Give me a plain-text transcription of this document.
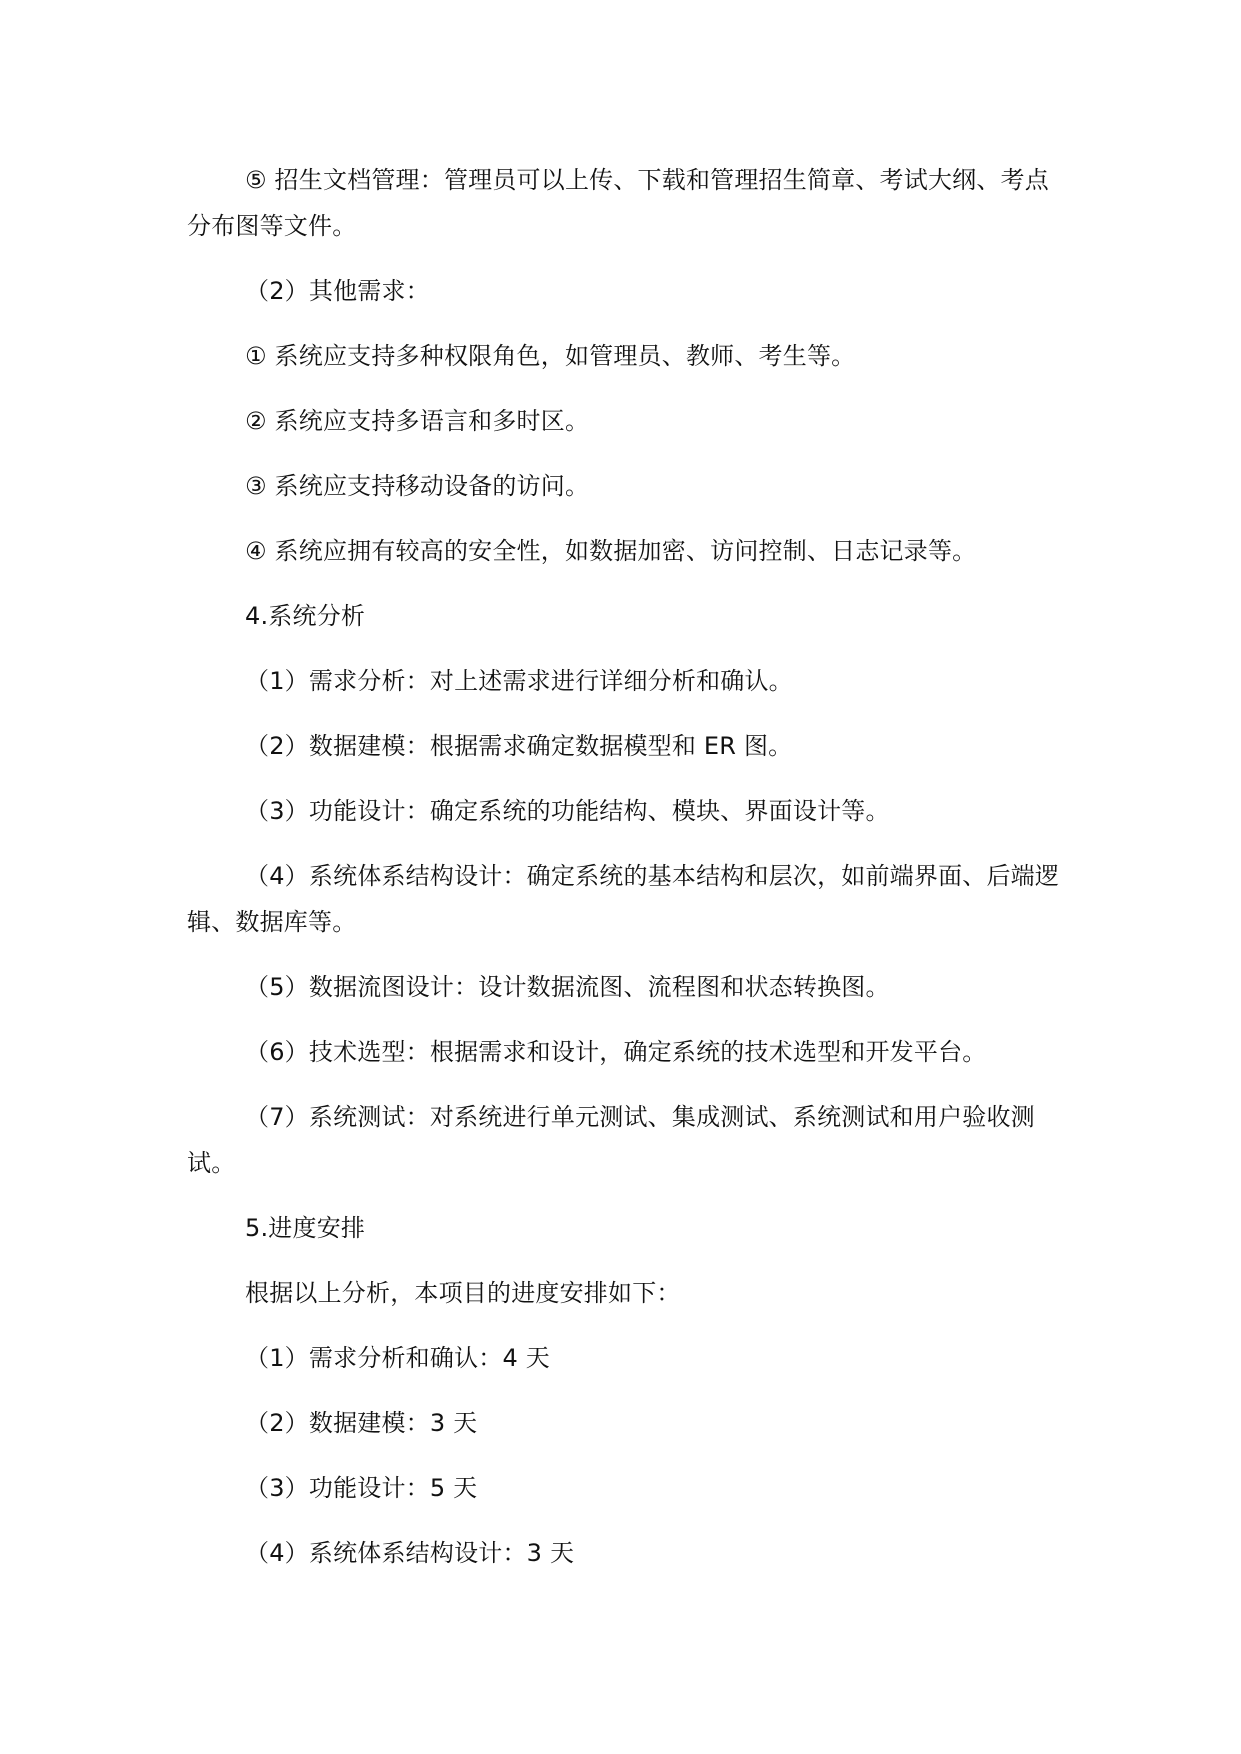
⑤ 招生文档管理：管理员可以上传、下载和管理招生简章、考试大纲、考点分布图等文件。

（2）其他需求：

① 系统应支持多种权限角色，如管理员、教师、考生等。

② 系统应支持多语言和多时区。

③ 系统应支持移动设备的访问。

④ 系统应拥有较高的安全性，如数据加密、访问控制、日志记录等。

4.系统分析

（1）需求分析：对上述需求进行详细分析和确认。

（2）数据建模：根据需求确定数据模型和 ER 图。

（3）功能设计：确定系统的功能结构、模块、界面设计等。

（4）系统体系结构设计：确定系统的基本结构和层次，如前端界面、后端逻辑、数据库等。

（5）数据流图设计：设计数据流图、流程图和状态转换图。

（6）技术选型：根据需求和设计，确定系统的技术选型和开发平台。

（7）系统测试：对系统进行单元测试、集成测试、系统测试和用户验收测试。

5.进度安排

根据以上分析，本项目的进度安排如下：

（1）需求分析和确认：4 天

（2）数据建模：3 天

（3）功能设计：5 天

（4）系统体系结构设计：3 天
